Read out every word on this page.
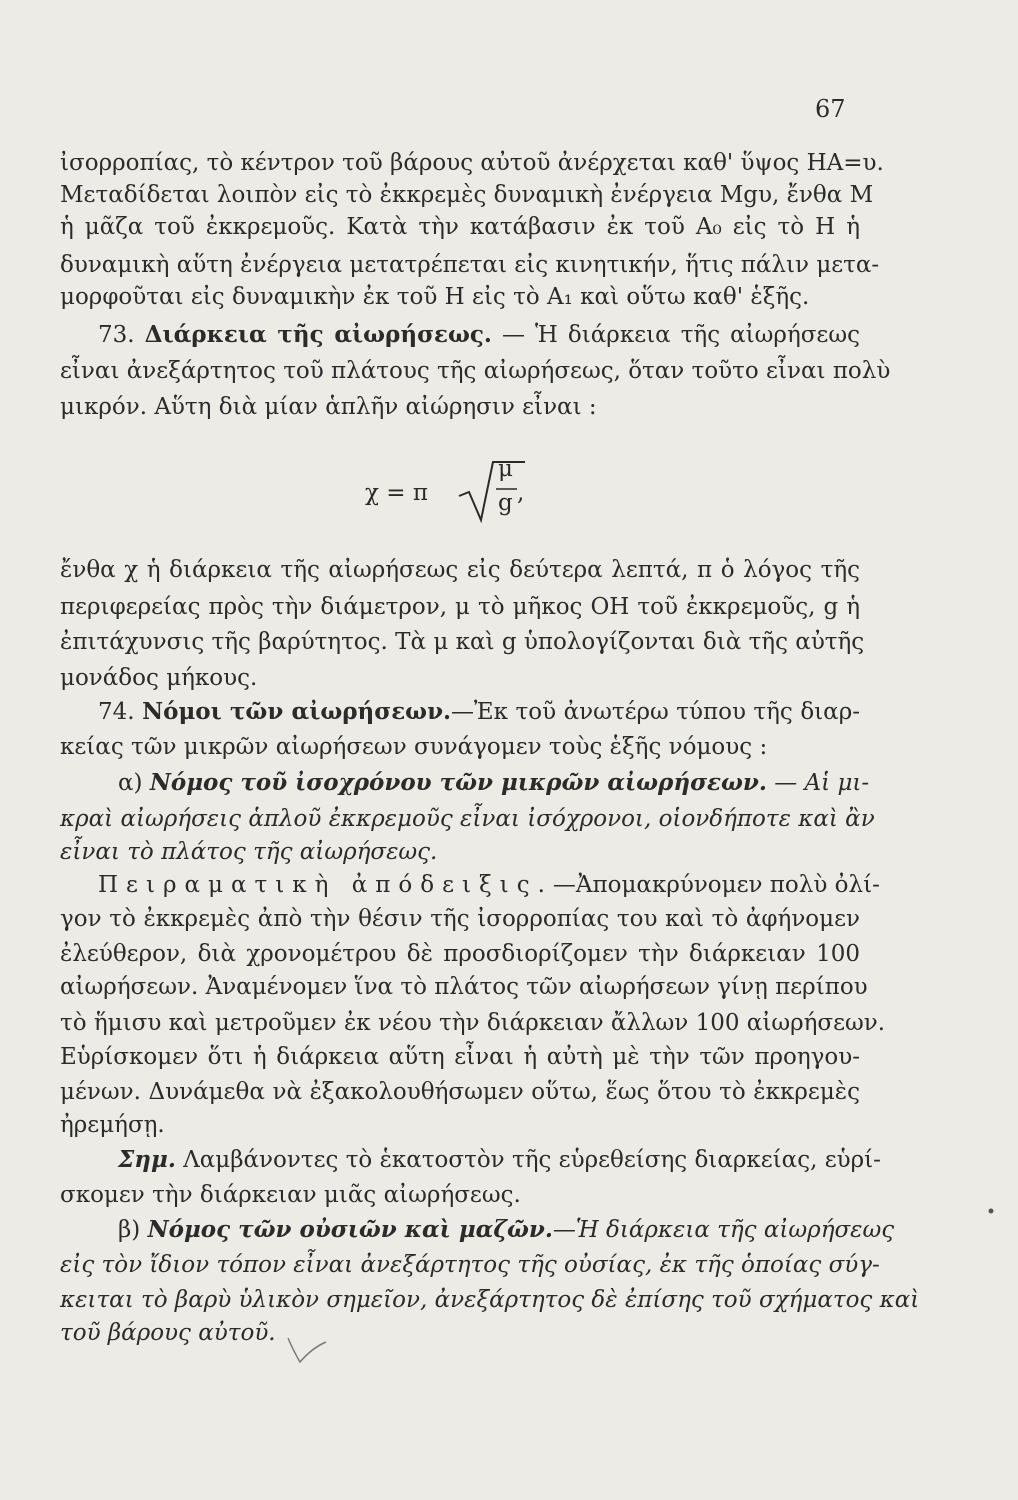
67
ἰσορροπίας, τὸ κέντρον τοῦ βάρους αὐτοῦ ἀνέρχεται καθ' ὕψος ΗΑ=υ.
Μεταδίδεται λοιπὸν εἰς τὸ ἐκκρεμὲς δυναμικὴ ἐνέργεια Mgυ, ἔνθα M
ἡ μᾶζα τοῦ ἐκκρεμοῦς. Κατὰ τὴν κατάβασιν ἐκ τοῦ Α₀ εἰς τὸ Η ἡ
δυναμικὴ αὕτη ἐνέργεια μετατρέπεται εἰς κινητικήν, ἥτις πάλιν μετα-
μορφοῦται εἰς δυναμικὴν ἐκ τοῦ Η εἰς τὸ Α₁ καὶ οὕτω καθ' ἑξῆς.
73. Διάρκεια τῆς αἰωρήσεως. — Ἡ διάρκεια τῆς αἰωρήσεως
εἶναι ἀνεξάρτητος τοῦ πλάτους τῆς αἰωρήσεως, ὅταν τοῦτο εἶναι πολὺ
μικρόν. Αὕτη διὰ μίαν ἁπλῆν αἰώρησιν εἶναι :
χ = π
μ
g ,
ἔνθα χ ἡ διάρκεια τῆς αἰωρήσεως εἰς δεύτερα λεπτά, π ὁ λόγος τῆς
περιφερείας πρὸς τὴν διάμετρον, μ τὸ μῆκος ΟΗ τοῦ ἐκκρεμοῦς, g ἡ
ἐπιτάχυνσις τῆς βαρύτητος. Τὰ μ καὶ g ὑπολογίζονται διὰ τῆς αὐτῆς
μονάδος μήκους.
74. Νόμοι τῶν αἰωρήσεων.—Ἐκ τοῦ ἀνωτέρω τύπου τῆς διαρ-
κείας τῶν μικρῶν αἰωρήσεων συνάγομεν τοὺς ἑξῆς νόμους :
α) Νόμος τοῦ ἰσοχρόνου τῶν μικρῶν αἰωρήσεων. — Αἱ μι-
κραὶ αἰωρήσεις ἁπλοῦ ἐκκρεμοῦς εἶναι ἰσόχρονοι, οἱονδήποτε καὶ ἂν
εἶναι τὸ πλάτος τῆς αἰωρήσεως.
Πειραματικὴ ἀπόδειξις.—Ἀπομακρύνομεν πολὺ ὀλί-
γον τὸ ἐκκρεμὲς ἀπὸ τὴν θέσιν τῆς ἰσορροπίας του καὶ τὸ ἀφήνομεν
ἐλεύθερον, διὰ χρονομέτρου δὲ προσδιορίζομεν τὴν διάρκειαν 100
αἰωρήσεων. Ἀναμένομεν ἵνα τὸ πλάτος τῶν αἰωρήσεων γίνῃ περίπου
τὸ ἥμισυ καὶ μετροῦμεν ἐκ νέου τὴν διάρκειαν ἄλλων 100 αἰωρήσεων.
Εὑρίσκομεν ὅτι ἡ διάρκεια αὕτη εἶναι ἡ αὐτὴ μὲ τὴν τῶν προηγου-
μένων. Δυνάμεθα νὰ ἐξακολουθήσωμεν οὕτω, ἕως ὅτου τὸ ἐκκρεμὲς
ἠρεμήσῃ.
Σημ. Λαμβάνοντες τὸ ἑκατοστὸν τῆς εὑρεθείσης διαρκείας, εὑρί-
σκομεν τὴν διάρκειαν μιᾶς αἰωρήσεως.
β) Νόμος τῶν οὐσιῶν καὶ μαζῶν.—Ἡ διάρκεια τῆς αἰωρήσεως
εἰς τὸν ἴδιον τόπον εἶναι ἀνεξάρτητος τῆς οὐσίας, ἐκ τῆς ὁποίας σύγ-
κειται τὸ βαρὺ ὑλικὸν σημεῖον, ἀνεξάρτητος δὲ ἐπίσης τοῦ σχήματος καὶ
τοῦ βάρους αὐτοῦ.
